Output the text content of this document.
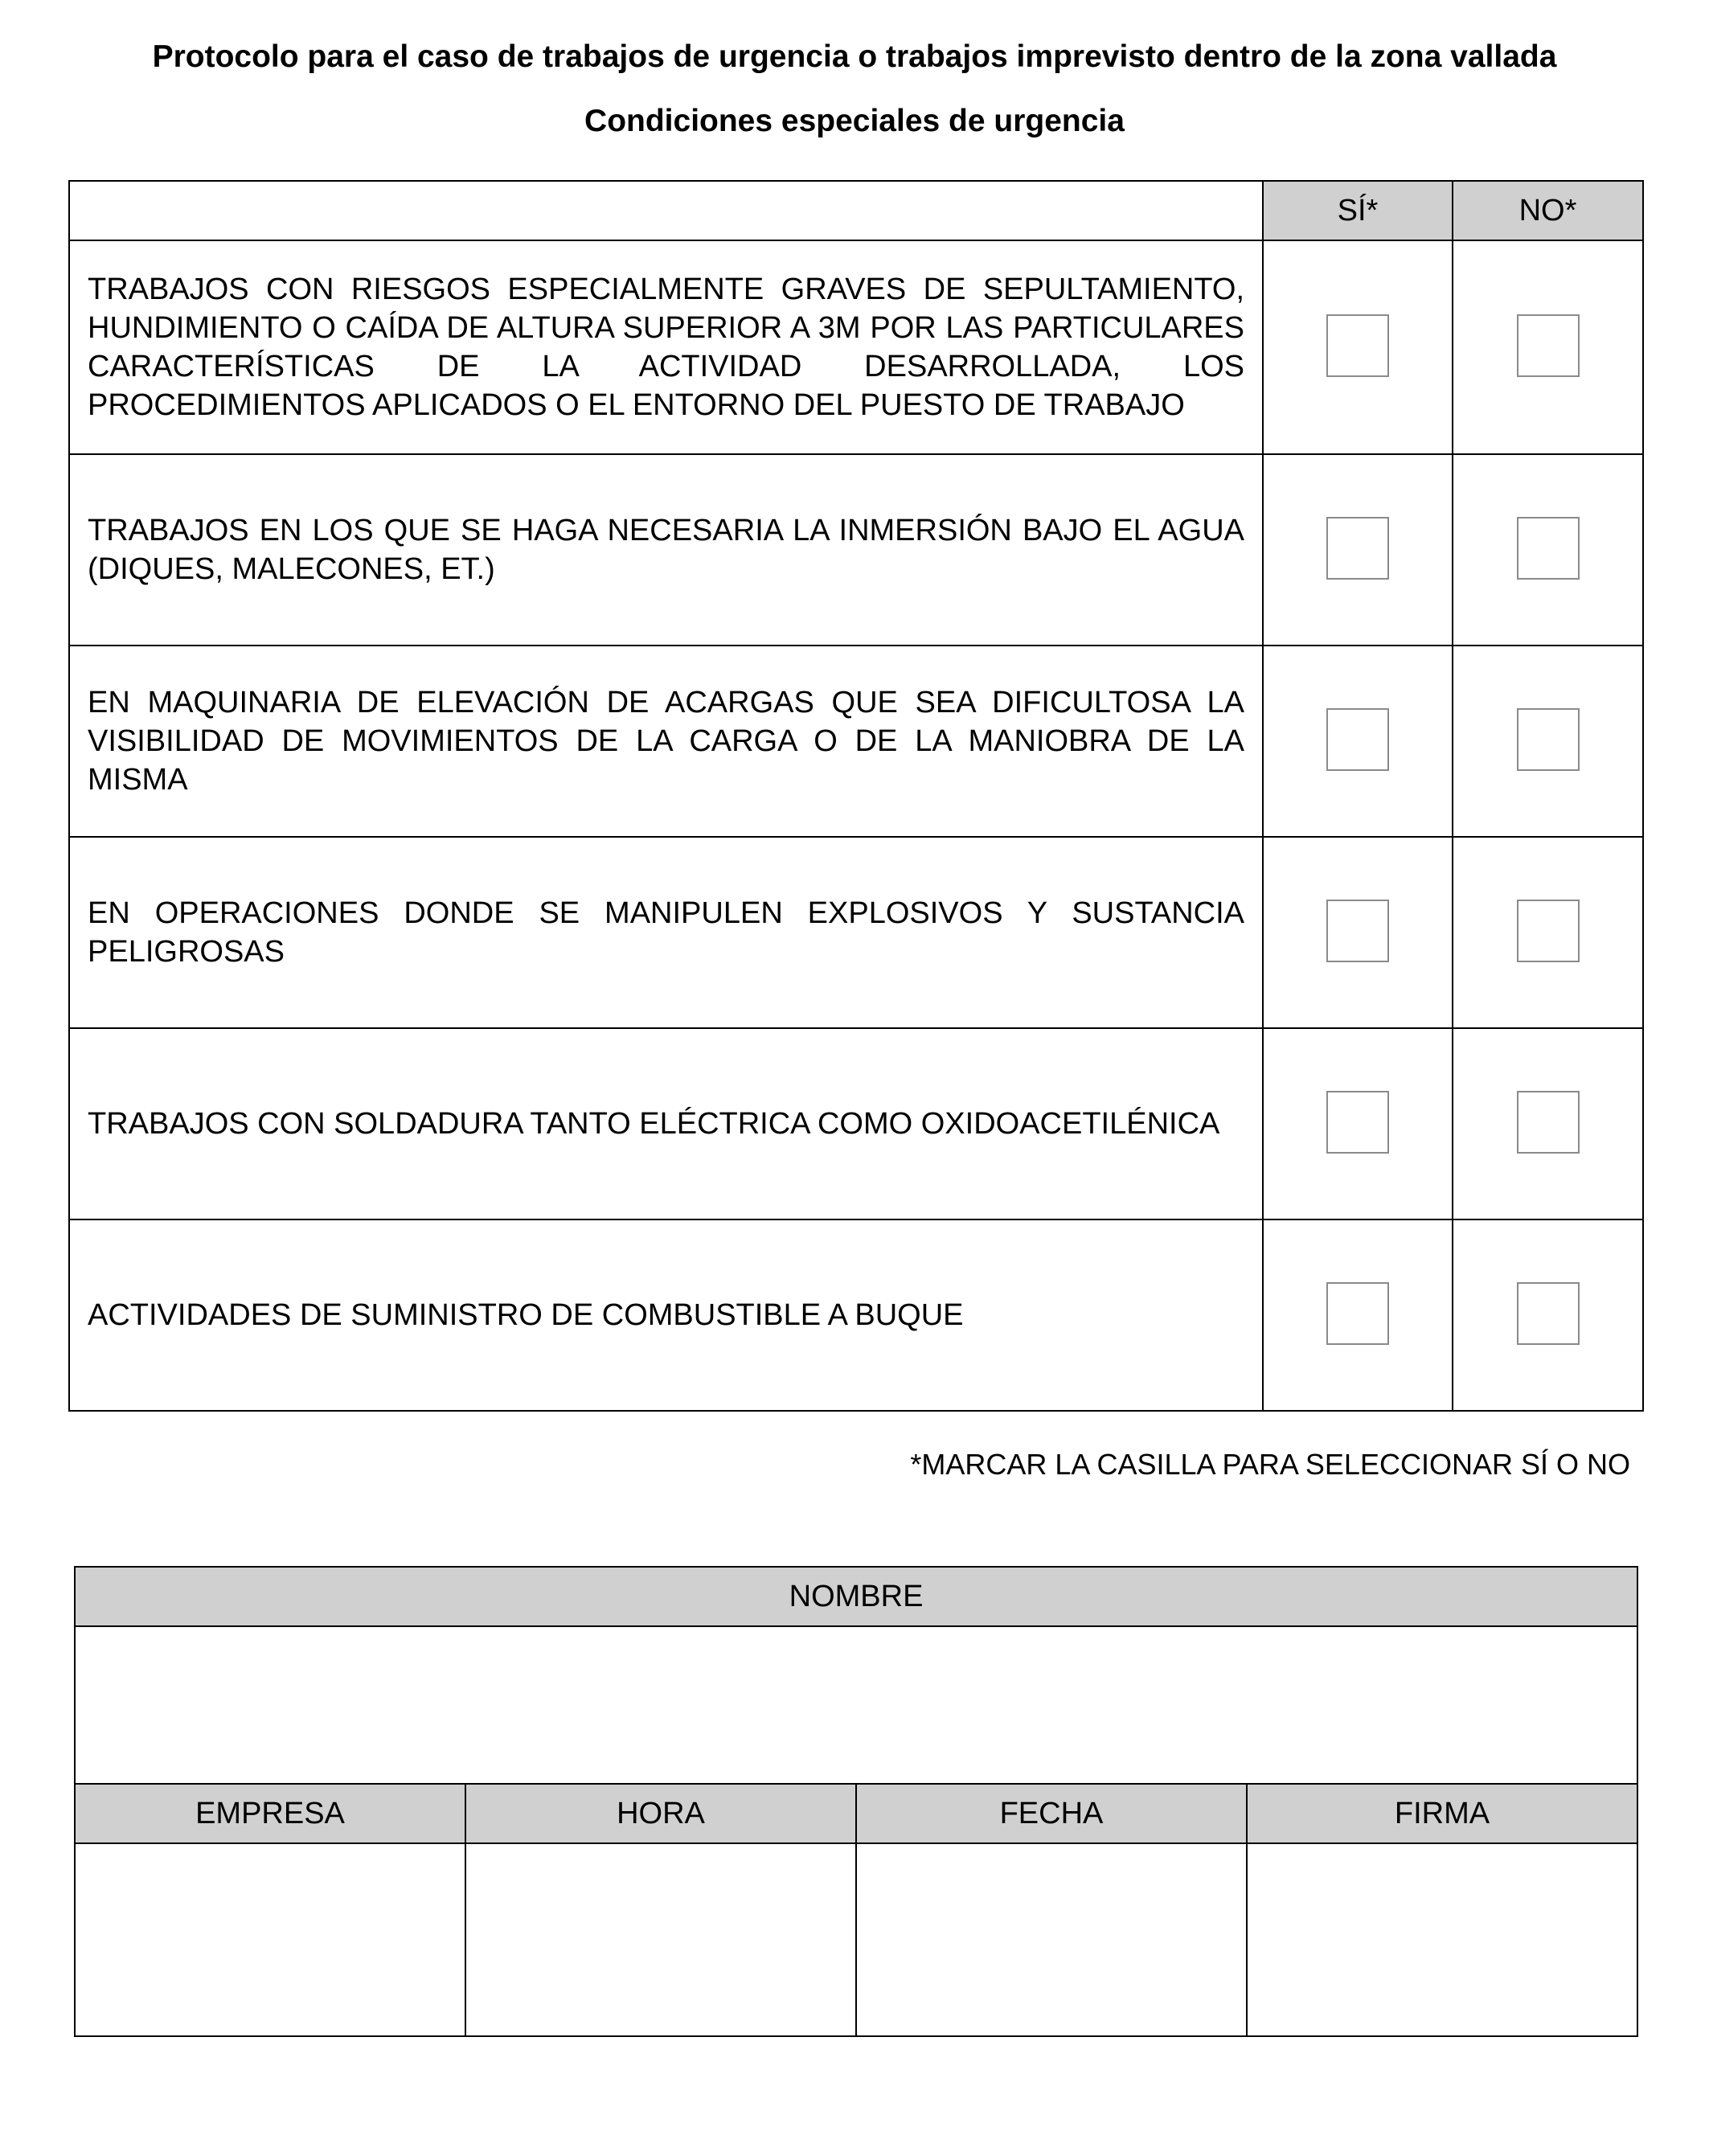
Protocolo para el caso de trabajos de urgencia o trabajos imprevisto dentro de la zona vallada
Condiciones especiales de urgencia
	SÍ*	NO*

TRABAJOS CON RIESGOS ESPECIALMENTE GRAVES DE SEPULTAMIENTO, HUNDIMIENTO O CAÍDA DE ALTURA SUPERIOR A 3M POR LAS PARTICULARES CARACTERÍSTICAS DE LA ACTIVIDAD DESARROLLADA, LOS PROCEDIMIENTOS APLICADOS O EL ENTORNO DEL PUESTO DE TRABAJO		

TRABAJOS EN LOS QUE SE HAGA NECESARIA LA INMERSIÓN BAJO EL AGUA (DIQUES, MALECONES, ET.)		

EN MAQUINARIA DE ELEVACIÓN DE ACARGAS QUE SEA DIFICULTOSA LA VISIBILIDAD DE MOVIMIENTOS DE LA CARGA O DE LA MANIOBRA DE LA MISMA		

EN OPERACIONES DONDE SE MANIPULEN EXPLOSIVOS Y SUSTANCIA PELIGROSAS		

TRABAJOS CON SOLDADURA TANTO ELÉCTRICA COMO OXIDOACETILÉNICA		

ACTIVIDADES DE SUMINISTRO DE COMBUSTIBLE A BUQUE		

*MARCAR LA CASILLA PARA SELECCIONAR SÍ O NO
NOMBRE			

EMPRESA	HORA	FECHA	FIRMA
